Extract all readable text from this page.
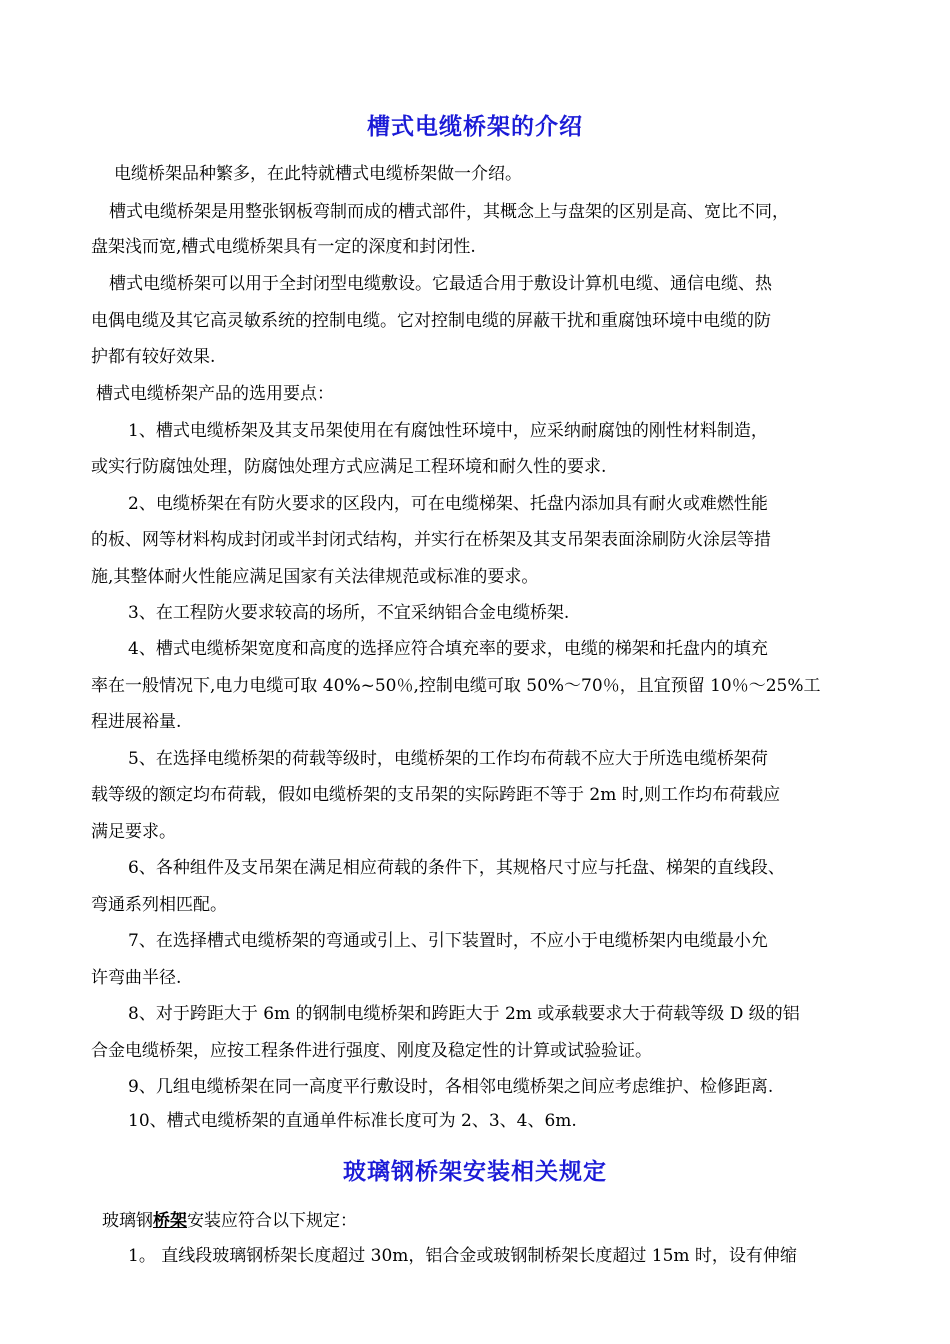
槽式电缆桥架的介绍
电缆桥架品种繁多，在此特就槽式电缆桥架做一介绍。
槽式电缆桥架是用整张钢板弯制而成的槽式部件，其概念上与盘架的区别是高、宽比不同，
盘架浅而宽,槽式电缆桥架具有一定的深度和封闭性.
槽式电缆桥架可以用于全封闭型电缆敷设。它最适合用于敷设计算机电缆、通信电缆、热
电偶电缆及其它高灵敏系统的控制电缆。它对控制电缆的屏蔽干扰和重腐蚀环境中电缆的防
护都有较好效果.
槽式电缆桥架产品的选用要点：
1、槽式电缆桥架及其支吊架使用在有腐蚀性环境中，应采纳耐腐蚀的刚性材料制造，
或实行防腐蚀处理，防腐蚀处理方式应满足工程环境和耐久性的要求.
2、电缆桥架在有防火要求的区段内，可在电缆梯架、托盘内添加具有耐火或难燃性能
的板、网等材料构成封闭或半封闭式结构，并实行在桥架及其支吊架表面涂刷防火涂层等措
施,其整体耐火性能应满足国家有关法律规范或标准的要求。
3、在工程防火要求较高的场所，不宜采纳铝合金电缆桥架.
4、槽式电缆桥架宽度和高度的选择应符合填充率的要求，电缆的梯架和托盘内的填充
率在一般情况下,电力电缆可取 40%~50％,控制电缆可取 50%～70％，且宜预留 10％～25%工
程进展裕量.
5、在选择电缆桥架的荷载等级时，电缆桥架的工作均布荷载不应大于所选电缆桥架荷
载等级的额定均布荷载，假如电缆桥架的支吊架的实际跨距不等于 2m 时,则工作均布荷载应
满足要求。
6、各种组件及支吊架在满足相应荷载的条件下，其规格尺寸应与托盘、梯架的直线段、
弯通系列相匹配。
7、在选择槽式电缆桥架的弯通或引上、引下装置时，不应小于电缆桥架内电缆最小允
许弯曲半径.
8、对于跨距大于 6m 的钢制电缆桥架和跨距大于 2m 或承载要求大于荷载等级 D 级的铝
合金电缆桥架，应按工程条件进行强度、刚度及稳定性的计算或试验验证。
9、几组电缆桥架在同一高度平行敷设时，各相邻电缆桥架之间应考虑维护、检修距离.
10、槽式电缆桥架的直通单件标准长度可为 2、3、4、6m.
玻璃钢桥架安装相关规定
玻璃钢桥架安装应符合以下规定：
1。 直线段玻璃钢桥架长度超过 30m，铝合金或玻钢制桥架长度超过 15m 时，设有伸缩
